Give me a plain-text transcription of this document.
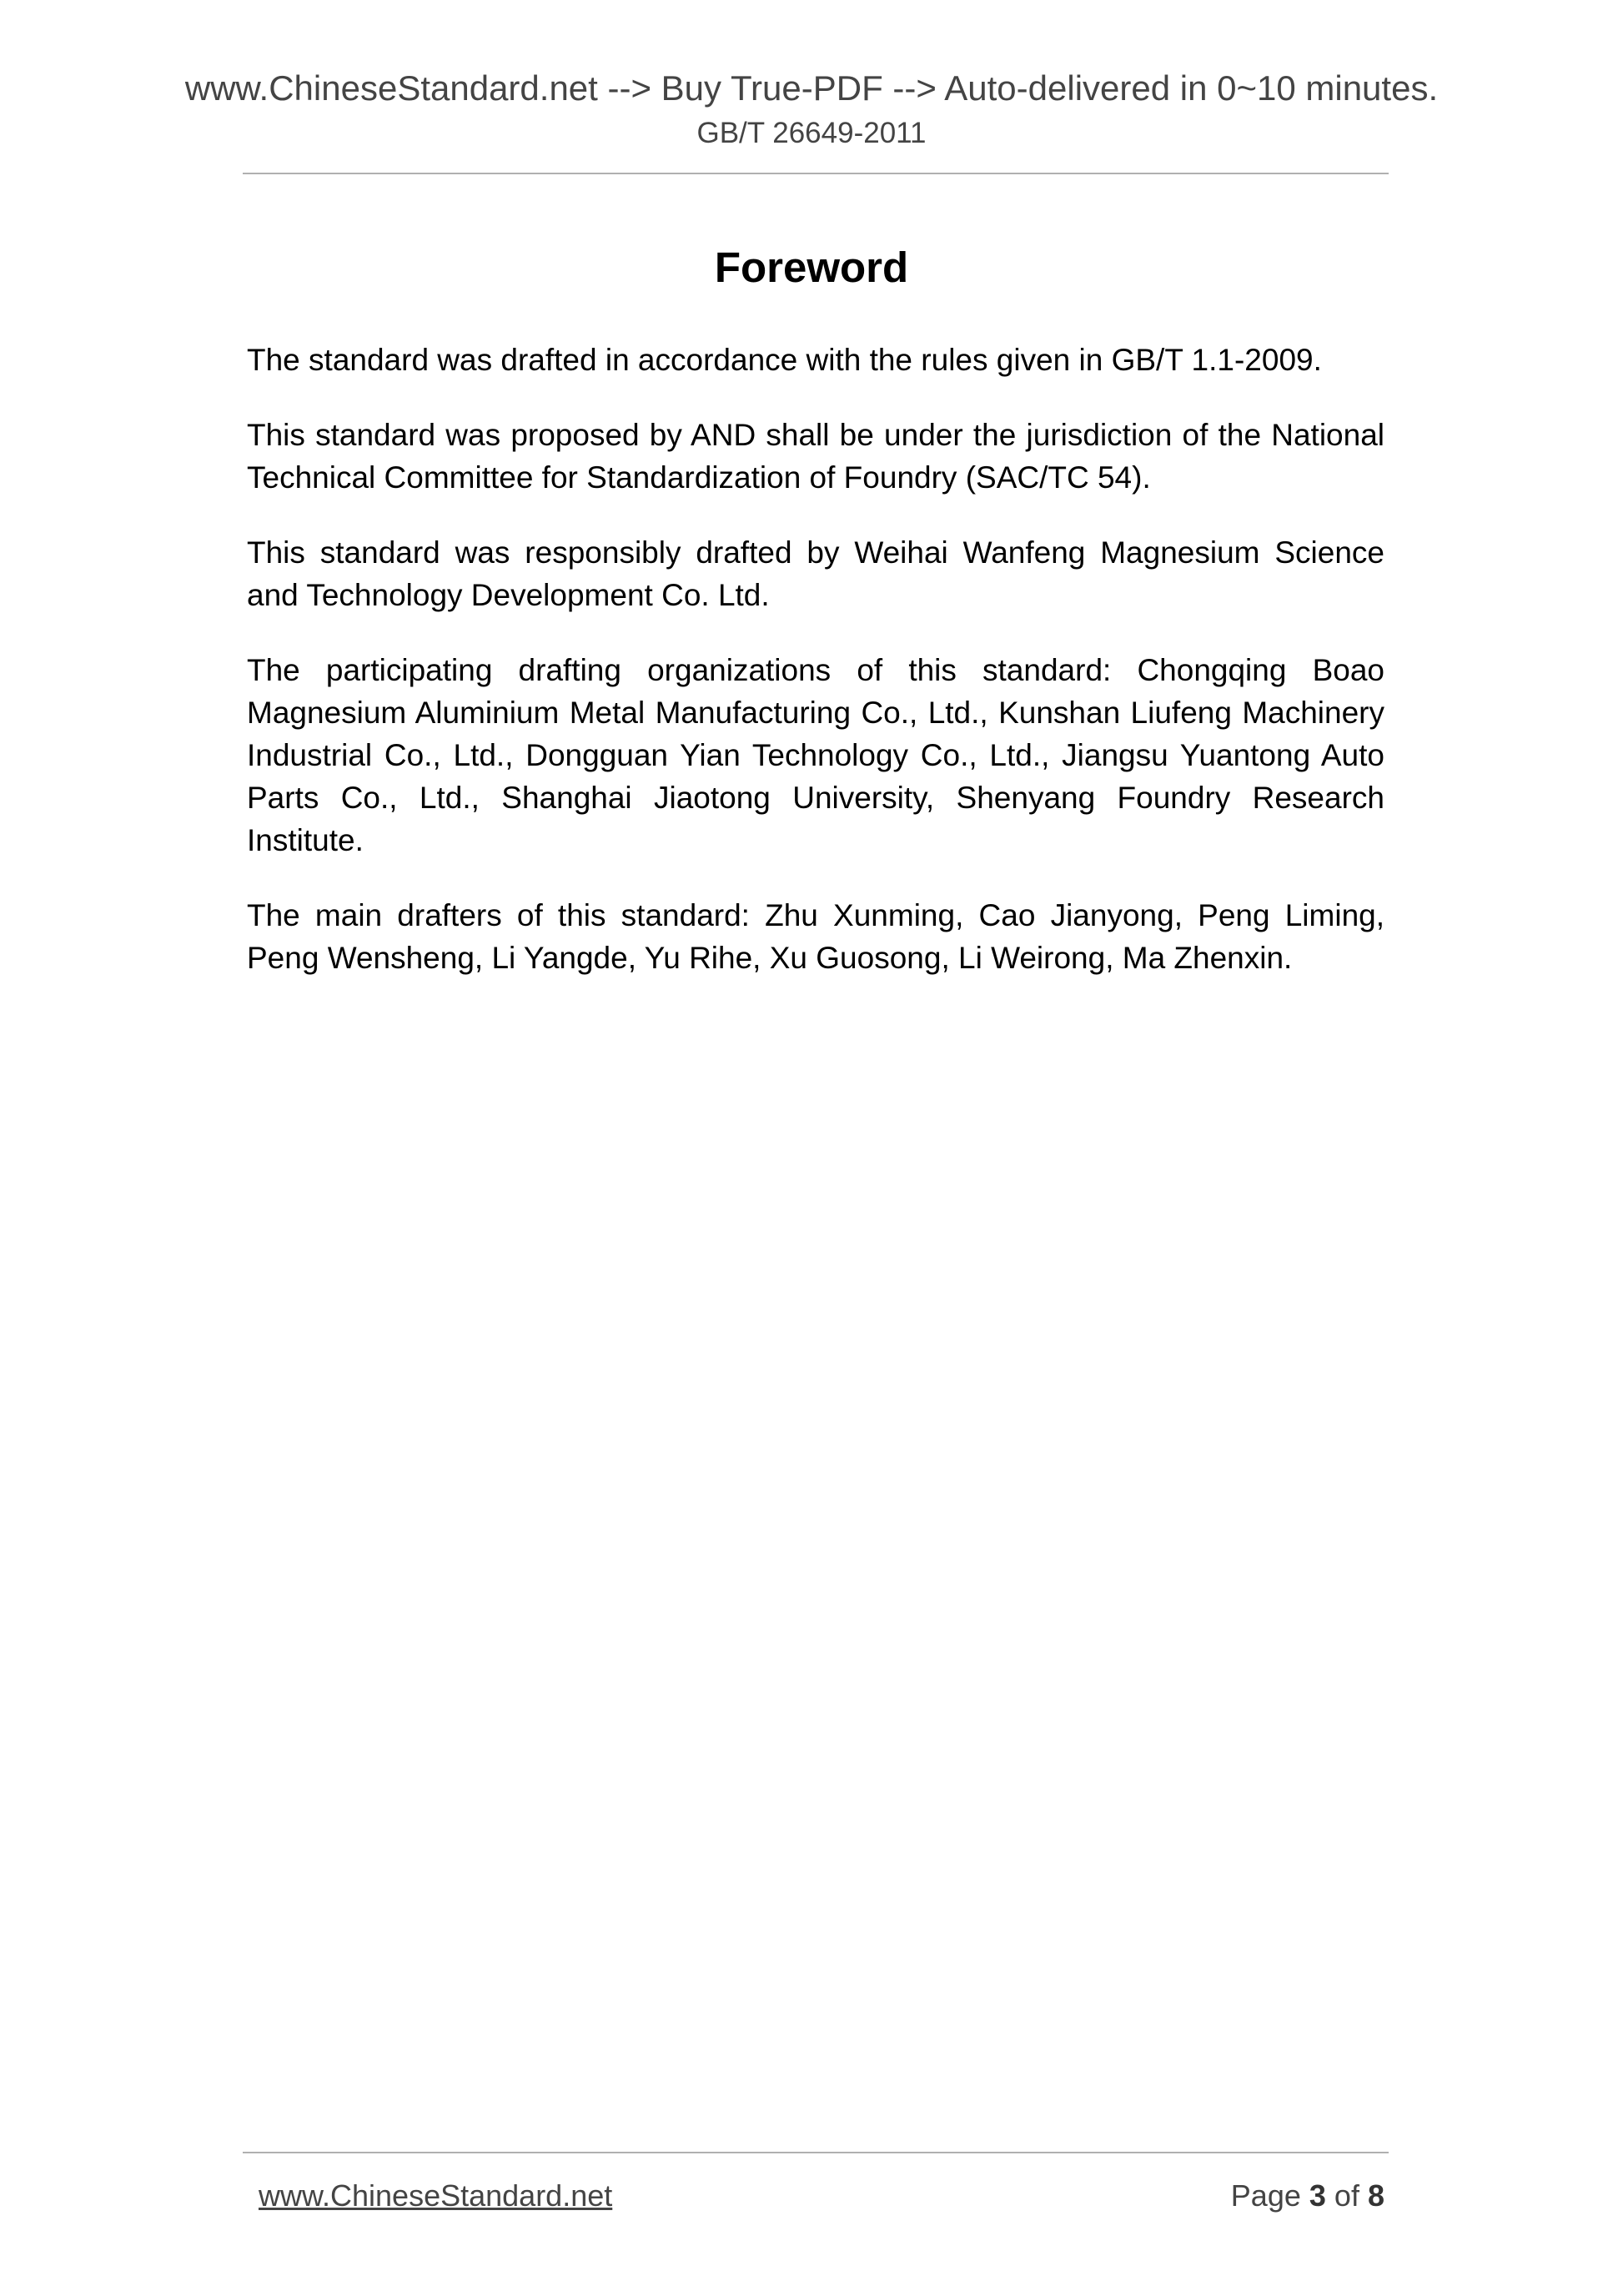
www.ChineseStandard.net --> Buy True-PDF --> Auto-delivered in 0~10 minutes.
GB/T 26649-2011
Foreword

The standard was drafted in accordance with the rules given in GB/T 1.1-2009.

This standard was proposed by AND shall be under the jurisdiction of the National Technical Committee for Standardization of Foundry (SAC/TC 54).

This standard was responsibly drafted by Weihai Wanfeng Magnesium Science and Technology Development Co. Ltd.

The participating drafting organizations of this standard: Chongqing Boao Magnesium Aluminium Metal Manufacturing Co., Ltd., Kunshan Liufeng Machinery Industrial Co., Ltd., Dongguan Yian Technology Co., Ltd., Jiangsu Yuantong Auto Parts Co., Ltd., Shanghai Jiaotong University, Shenyang Foundry Research Institute.

The main drafters of this standard: Zhu Xunming, Cao Jianyong, Peng Liming, Peng Wensheng, Li Yangde, Yu Rihe, Xu Guosong, Li Weirong, Ma Zhenxin.

www.ChineseStandard.net	Page 3 of 8
